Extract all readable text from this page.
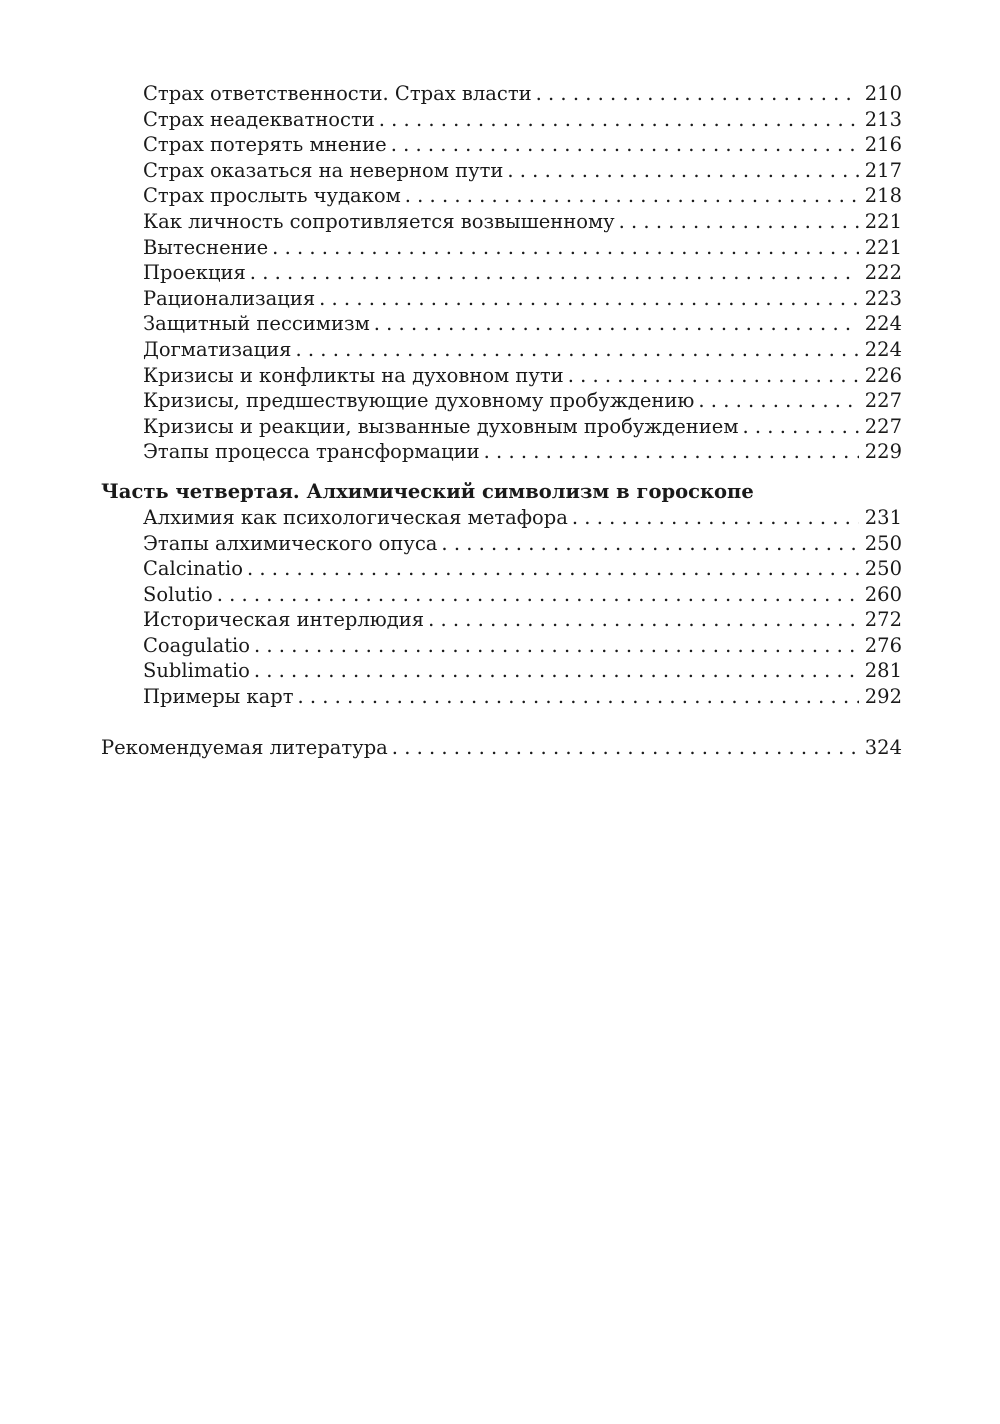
Страх ответственности. Страх власти . . .	210
Страх неадекватности . . .	213
Страх потерять мнение . . .	216
Страх оказаться на неверном пути . . .	217
Страх прослыть чудаком . . .	218
Как личность сопротивляется возвышенному . . .	221
Вытеснение . . .	221
Проекция . . .	222
Рационализация . . .	223
Защитный пессимизм . . .	224
Догматизация . . .	224
Кризисы и конфликты на духовном пути . . .	226
Кризисы, предшествующие духовному пробуждению . . .	227
Кризисы и реакции, вызванные духовным пробуждением . . .	227
Этапы процесса трансформации . . .	229
Часть четвертая. Алхимический символизм в гороскопе
Алхимия как психологическая метафора . . .	231
Этапы алхимического опуса . . .	250
Calcinatio . . .	250
Solutio . . .	260
Историческая интерлюдия . . .	272
Coagulatio . . .	276
Sublimatio . . .	281
Примеры карт . . .	292
Рекомендуемая литература . . .	324
